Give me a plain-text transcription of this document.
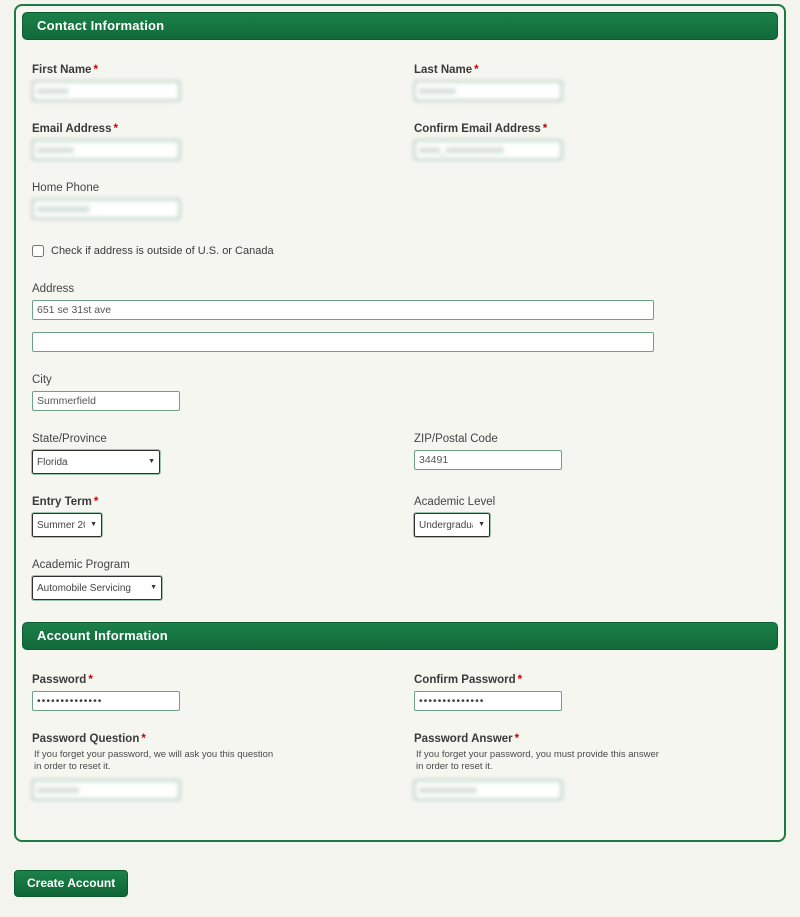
Contact Information
First Name *
xxxxxx	Last Name *
xxxxxxx
Email Address *
xxxxxxx	Confirm Email Address *
xxxx_xxxxxxxxxxx
Home Phone
xxxxxxxxxx
Check if address is outside of U.S. or Canada
Address
651 se 31st ave
City
Summerfield
State/Province
Florida
▼
ZIP/Postal Code
34491
Entry Term *
Summer 2018
▼
Academic Level
Undergraduate
▼
Academic Program
Automobile Servicing
▼
Account Information
Password *
••••••••••••••	Confirm Password *
••••••••••••••
Password Question *
If you forget your password, we will ask you this question in order to reset it.
xxxxxxxx
Password Answer *
If you forget your password, you must provide this answer in order to reset it.
xxxxxxxxxxx
Create Account
